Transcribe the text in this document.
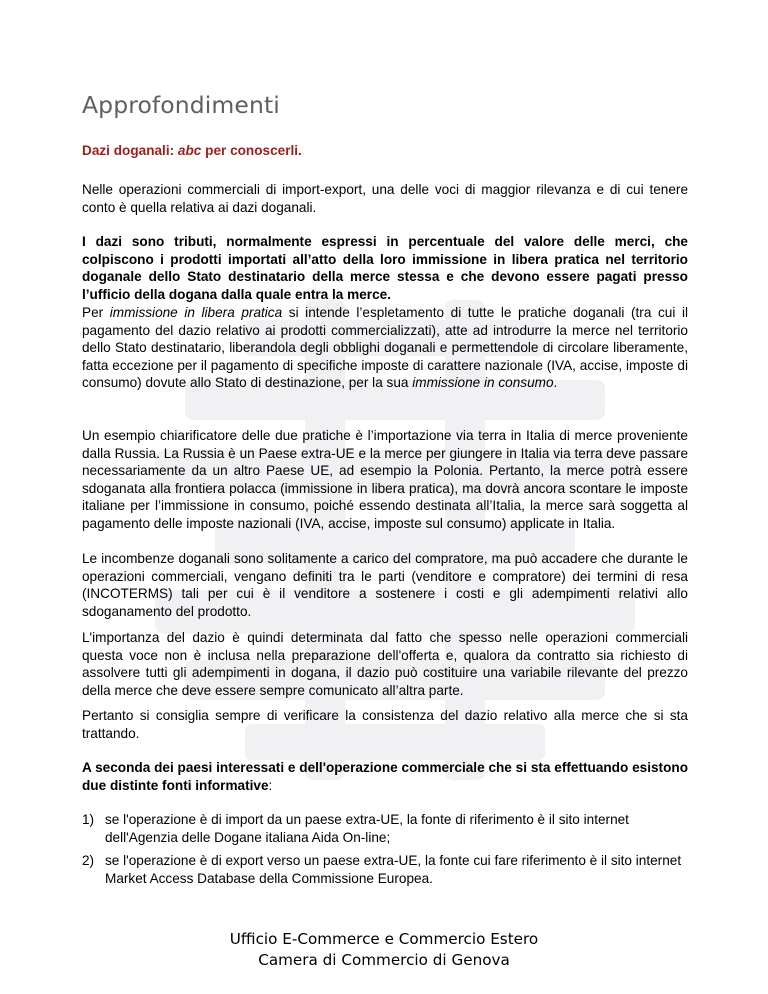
Approfondimenti

Dazi doganali: abc per conoscerli.

Nelle operazioni commerciali di import-export, una delle voci di maggior rilevanza e di cui tenere conto è quella relativa ai dazi doganali.

I dazi sono tributi, normalmente espressi in percentuale del valore delle merci, che colpiscono i prodotti importati all’atto della loro immissione in libera pratica nel territorio doganale dello Stato destinatario della merce stessa e che devono essere pagati presso l’ufficio della dogana dalla quale entra la merce.

Per immissione in libera pratica si intende l’espletamento di tutte le pratiche doganali (tra cui il pagamento del dazio relativo ai prodotti commercializzati), atte ad introdurre la merce nel territorio dello Stato destinatario, liberandola degli obblighi doganali e permettendole di circolare liberamente, fatta eccezione per il pagamento di specifiche imposte di carattere nazionale (IVA, accise, imposte di consumo) dovute allo Stato di destinazione, per la sua immissione in consumo.

Un esempio chiarificatore delle due pratiche è l’importazione via terra in Italia di merce proveniente dalla Russia. La Russia è un Paese extra-UE e la merce per giungere in Italia via terra deve passare necessariamente da un altro Paese UE, ad esempio la Polonia. Pertanto, la merce potrà essere sdoganata alla frontiera polacca (immissione in libera pratica), ma dovrà ancora scontare le imposte italiane per l’immissione in consumo, poiché essendo destinata all’Italia, la merce sarà soggetta al pagamento delle imposte nazionali (IVA, accise, imposte sul consumo) applicate in Italia.

Le incombenze doganali sono solitamente a carico del compratore, ma può accadere che durante le operazioni commerciali, vengano definiti tra le parti (venditore e compratore) dei termini di resa (INCOTERMS) tali per cui è il venditore a sostenere i costi e gli adempimenti relativi allo sdoganamento del prodotto.

L'importanza del dazio è quindi determinata dal fatto che spesso nelle operazioni commerciali questa voce non è inclusa nella preparazione dell'offerta e, qualora da contratto sia richiesto di assolvere tutti gli adempimenti in dogana, il dazio può costituire una variabile rilevante del prezzo della merce che deve essere sempre comunicato all’altra parte.

Pertanto si consiglia sempre di verificare la consistenza del dazio relativo alla merce che si sta trattando.

A seconda dei paesi interessati e dell'operazione commerciale che si sta effettuando esistono due distinte fonti informative:

1) se l'operazione è di import da un paese extra-UE, la fonte di riferimento è il sito internet dell'Agenzia delle Dogane italiana Aida On-line;
2) se l'operazione è di export verso un paese extra-UE, la fonte cui fare riferimento è il sito internet Market Access Database della Commissione Europea.
Ufficio E-Commerce e Commercio Estero
Camera di Commercio di Genova
